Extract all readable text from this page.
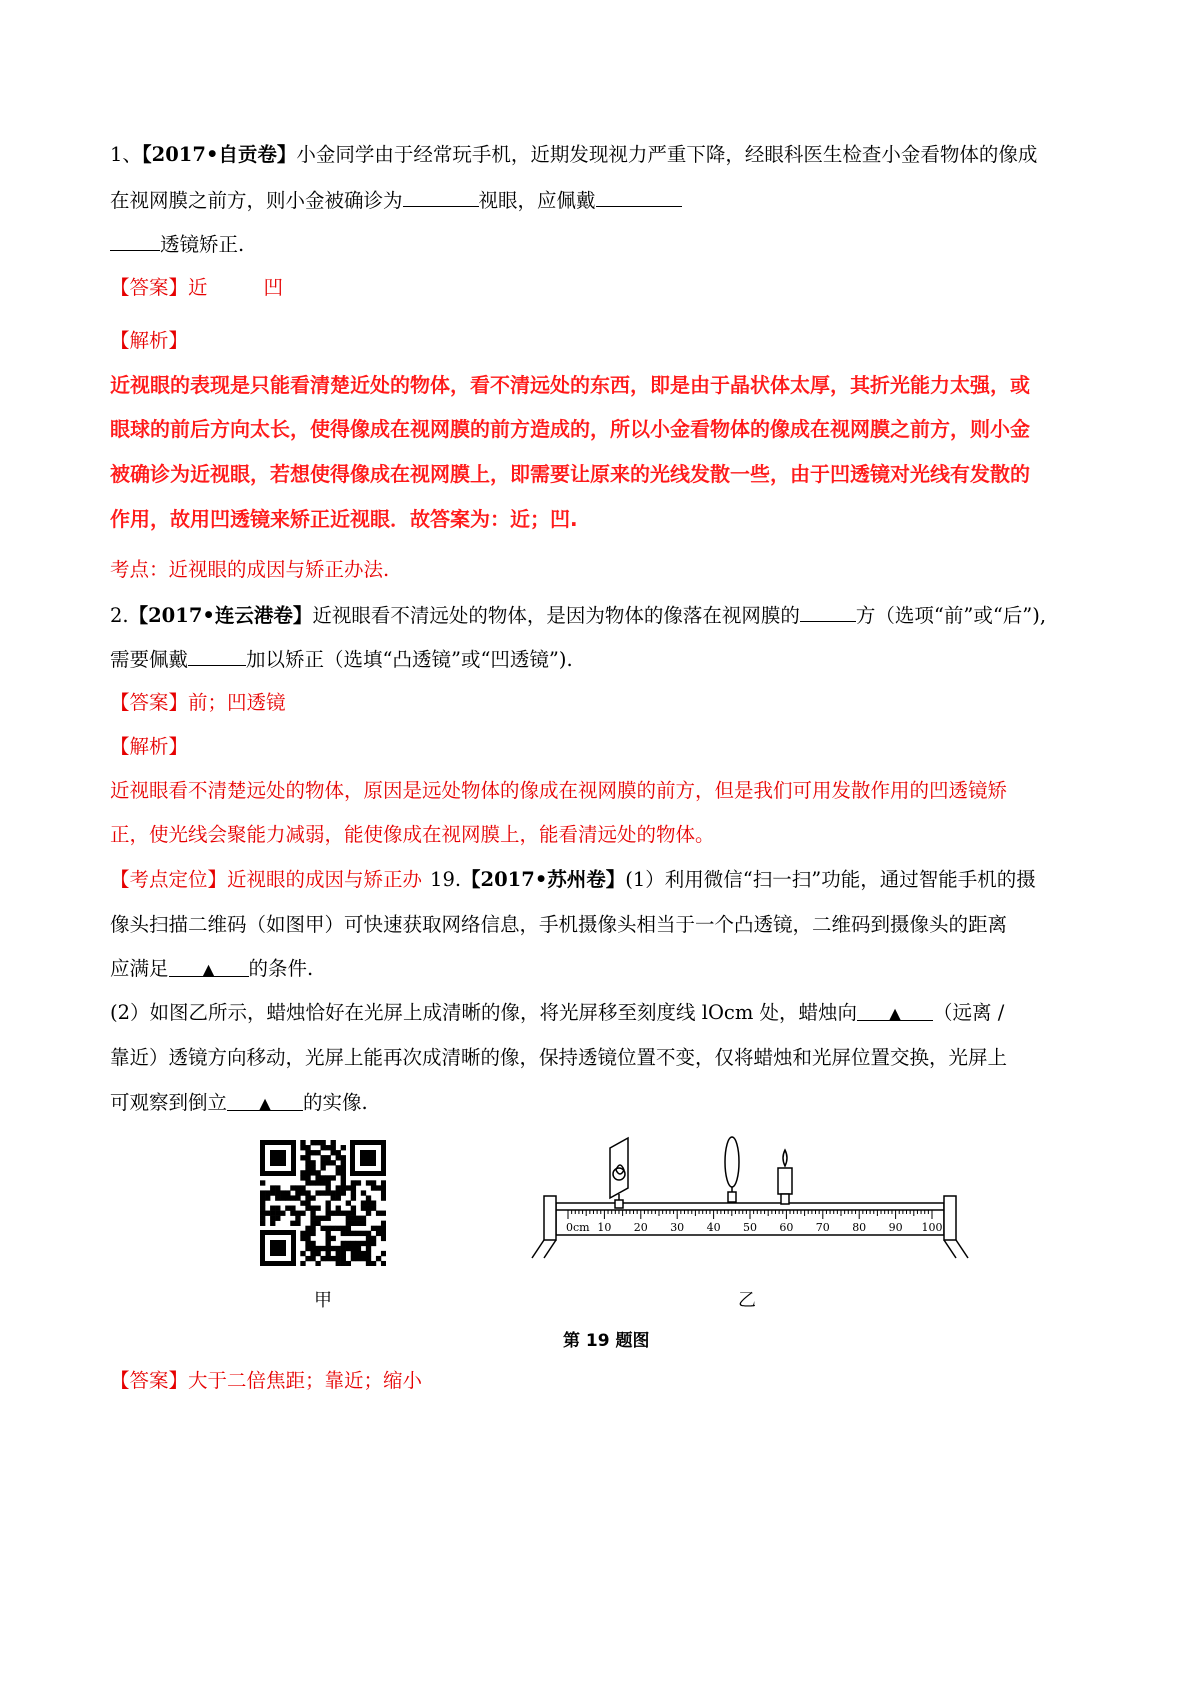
1、【2017•自贡卷】小金同学由于经常玩手机，近期发现视力严重下降，经眼科医生检查小金看物体的像成
在视网膜之前方，则小金被确诊为	视眼，应佩戴
透镜矫正.
【答案】近	凹
【解析】
近视眼的表现是只能看清楚近处的物体，看不清远处的东西，即是由于晶状体太厚，其折光能力太强，或
眼球的前后方向太长，使得像成在视网膜的前方造成的，所以小金看物体的像成在视网膜之前方，则小金
被确诊为近视眼，若想使得像成在视网膜上，即需要让原来的光线发散一些，由于凹透镜对光线有发散的
作用，故用凹透镜来矫正近视眼．故答案为：近；凹.
考点：近视眼的成因与矫正办法.
2.【2017•连云港卷】近视眼看不清远处的物体，是因为物体的像落在视网膜的	方（选项“前”或“后”),
需要佩戴	加以矫正（选填“凸透镜”或“凹透镜”).
【答案】前；凹透镜
【解析】
近视眼看不清楚远处的物体，原因是远处物体的像成在视网膜的前方，但是我们可用发散作用的凹透镜矫
正，使光线会聚能力减弱，能使像成在视网膜上，能看清远处的物体。
【考点定位】近视眼的成因与矫正办 19.【2017•苏州卷】(1）利用微信“扫一扫”功能，通过智能手机的摄
像头扫描二维码（如图甲）可快速获取网络信息，手机摄像头相当于一个凸透镜，二维码到摄像头的距离
应满足 ▲ 的条件.
(2）如图乙所示，蜡烛恰好在光屏上成清晰的像，将光屏移至刻度线 lOcm 处，蜡烛向 ▲ （远离 /
靠近）透镜方向移动，光屏上能再次成清晰的像，保持透镜位置不变，仅将蜡烛和光屏位置交换，光屏上
可观察到倒立 ▲ 的实像.
甲
0cm 10 20 30 40 50 60 70 80 90 100
乙
第 19 题图
【答案】大于二倍焦距；靠近；缩小
